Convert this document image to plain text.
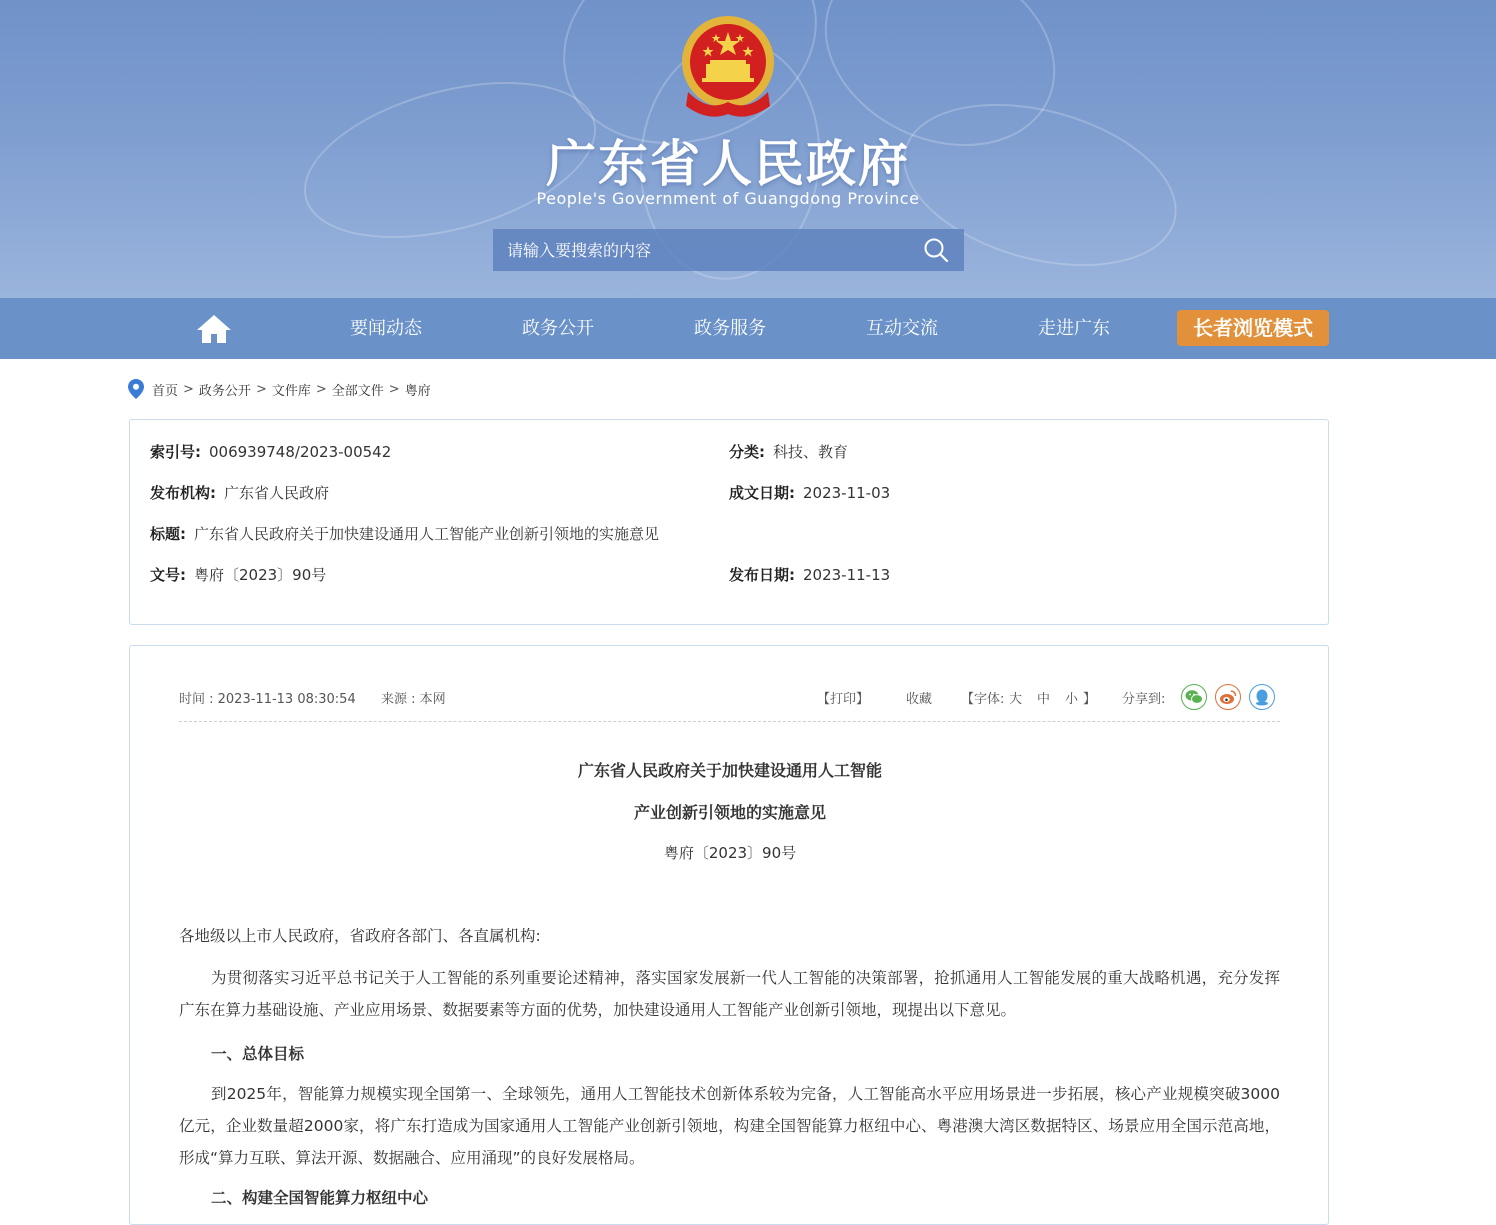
广东省人民政府
People's Government of Guangdong Province
请输入要搜索的内容
要闻动态	政务公开	政务服务	互动交流	走进广东	长者浏览模式
首页 > 政务公开 > 文件库 > 全部文件 > 粤府
索引号: 006939748/2023-00542	分类: 科技、教育
发布机构: 广东省人民政府	成文日期: 2023-11-03
标题: 广东省人民政府关于加快建设通用人工智能产业创新引领地的实施意见
文号: 粤府〔2023〕90号	发布日期: 2023-11-13
时间 : 2023-11-13 08:30:54 来源 : 本网	【打印】	收藏 【字体: 大 中 小 】 分享到:
广东省人民政府关于加快建设通用人工智能
产业创新引领地的实施意见
粤府〔2023〕90号
各地级以上市人民政府，省政府各部门、各直属机构:
为贯彻落实习近平总书记关于人工智能的系列重要论述精神，落实国家发展新一代人工智能的决策部署，抢抓通用人工智能发展的重大战略机遇，充分发挥广东在算力基础设施、产业应用场景、数据要素等方面的优势，加快建设通用人工智能产业创新引领地，现提出以下意见。
一、总体目标
到2025年，智能算力规模实现全国第一、全球领先，通用人工智能技术创新体系较为完备，人工智能高水平应用场景进一步拓展，核心产业规模突破3000亿元，企业数量超2000家，将广东打造成为国家通用人工智能产业创新引领地，构建全国智能算力枢纽中心、粤港澳大湾区数据特区、场景应用全国示范高地，形成“算力互联、算法开源、数据融合、应用涌现”的良好发展格局。
二、构建全国智能算力枢纽中心
